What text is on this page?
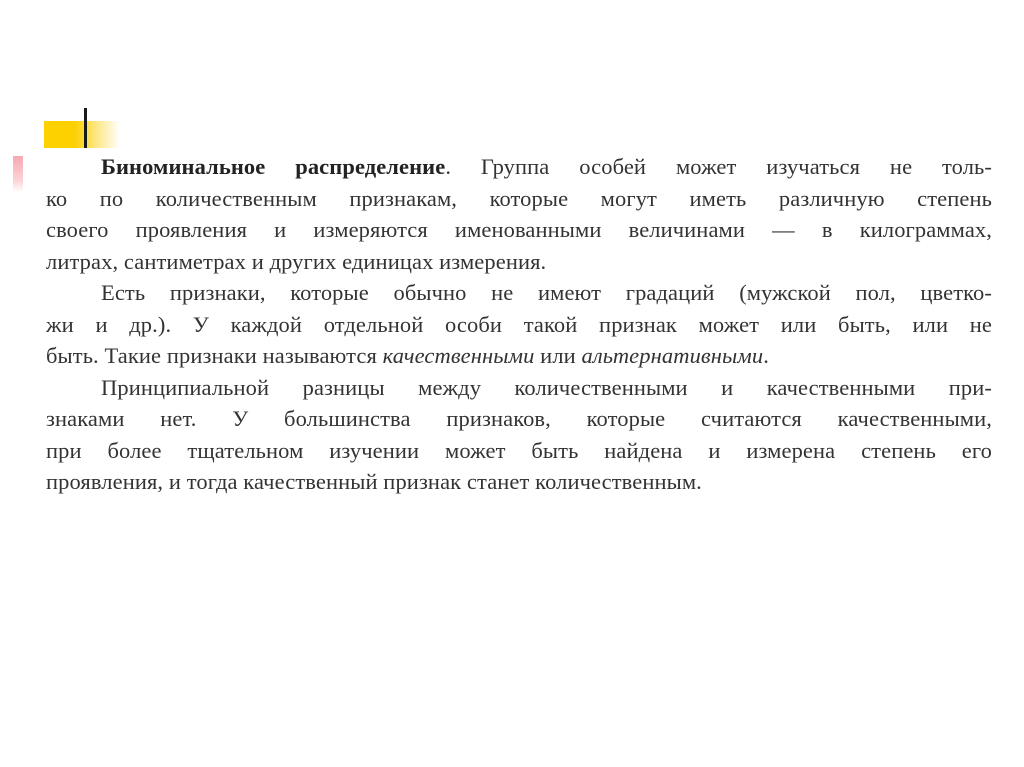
Биноминальное распределение. Группа особей может изучаться не толь-
ко по количественным признакам, которые могут иметь различную степень
своего проявления и измеряются именованными величинами — в килограммах,
литрах, сантиметрах и других единицах измерения.
Есть признаки, которые обычно не имеют градаций (мужской пол, цветко-
жи и др.). У каждой отдельной особи такой признак может или быть, или не
быть. Такие признаки называются качественными или альтернативными.
Принципиальной разницы между количественными и качественными при-
знаками нет. У большинства признаков, которые считаются качественными,
при более тщательном изучении может быть найдена и измерена степень его
проявления, и тогда качественный признак станет количественным.
